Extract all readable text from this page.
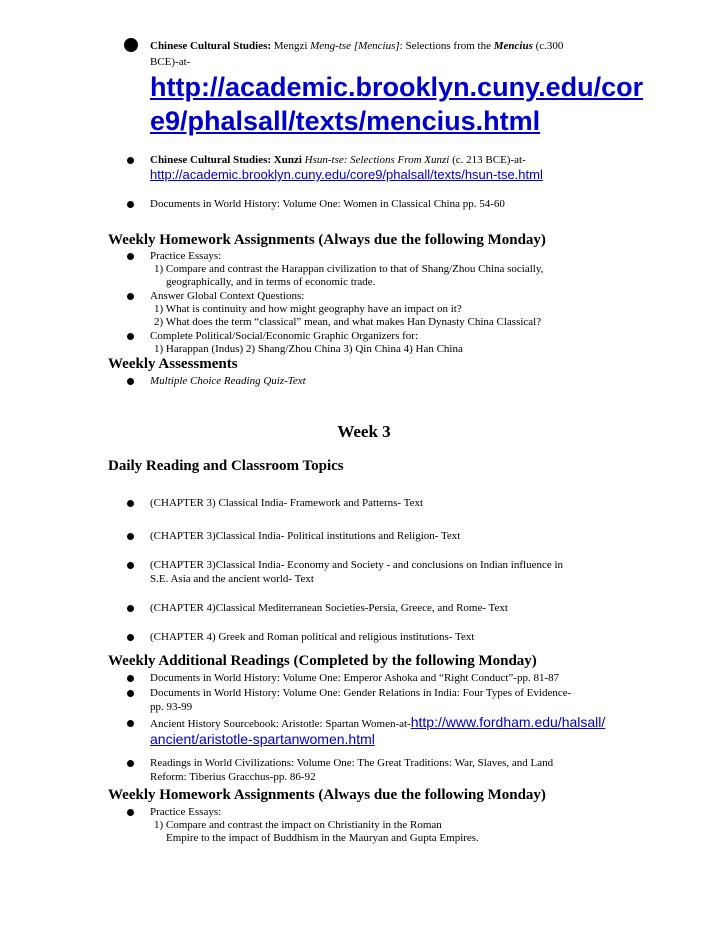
Chinese Cultural Studies: Mengzi Meng-tse [Mencius]: Selections from the Mencius (c.300
BCE)-at-
http://academic.brooklyn.cuny.edu/cor
e9/phalsall/texts/mencius.html
Chinese Cultural Studies: Xunzi Hsun-tse: Selections From Xunzi (c. 213 BCE)-at-
http://academic.brooklyn.cuny.edu/core9/phalsall/texts/hsun-tse.html
Documents in World History: Volume One: Women in Classical China pp. 54-60
Weekly Homework Assignments (Always due the following Monday)
Practice Essays:
1) Compare and contrast the Harappan civilization to that of Shang/Zhou China socially,
geographically, and in terms of economic trade.
Answer Global Context Questions:
1) What is continuity and how might geography have an impact on it?
2) What does the term “classical” mean, and what makes Han Dynasty China Classical?
Complete Political/Social/Economic Graphic Organizers for:
1) Harappan (Indus) 2) Shang/Zhou China 3) Qin China 4) Han China
Weekly Assessments
Multiple Choice Reading Quiz-Text
Week 3
Daily Reading and Classroom Topics
(CHAPTER 3) Classical India- Framework and Patterns- Text
(CHAPTER 3)Classical India- Political institutions and Religion- Text
(CHAPTER 3)Classical India- Economy and Society - and conclusions on Indian influence in
S.E. Asia and the ancient world- Text
(CHAPTER 4)Classical Mediterranean Societies-Persia, Greece, and Rome- Text
(CHAPTER 4) Greek and Roman political and religious institutions- Text
Weekly Additional Readings (Completed by the following Monday)
Documents in World History: Volume One: Emperor Ashoka and “Right Conduct”-pp. 81-87
Documents in World History: Volume One: Gender Relations in India: Four Types of Evidence-
pp. 93-99
Ancient History Sourcebook: Aristotle: Spartan Women-at-http://www.fordham.edu/halsall/
ancient/aristotle-spartanwomen.html
Readings in World Civilizations: Volume One: The Great Traditions: War, Slaves, and Land
Reform: Tiberius Gracchus-pp. 86-92
Weekly Homework Assignments (Always due the following Monday)
Practice Essays:
1) Compare and contrast the impact on Christianity in the Roman
Empire to the impact of Buddhism in the Mauryan and Gupta Empires.
